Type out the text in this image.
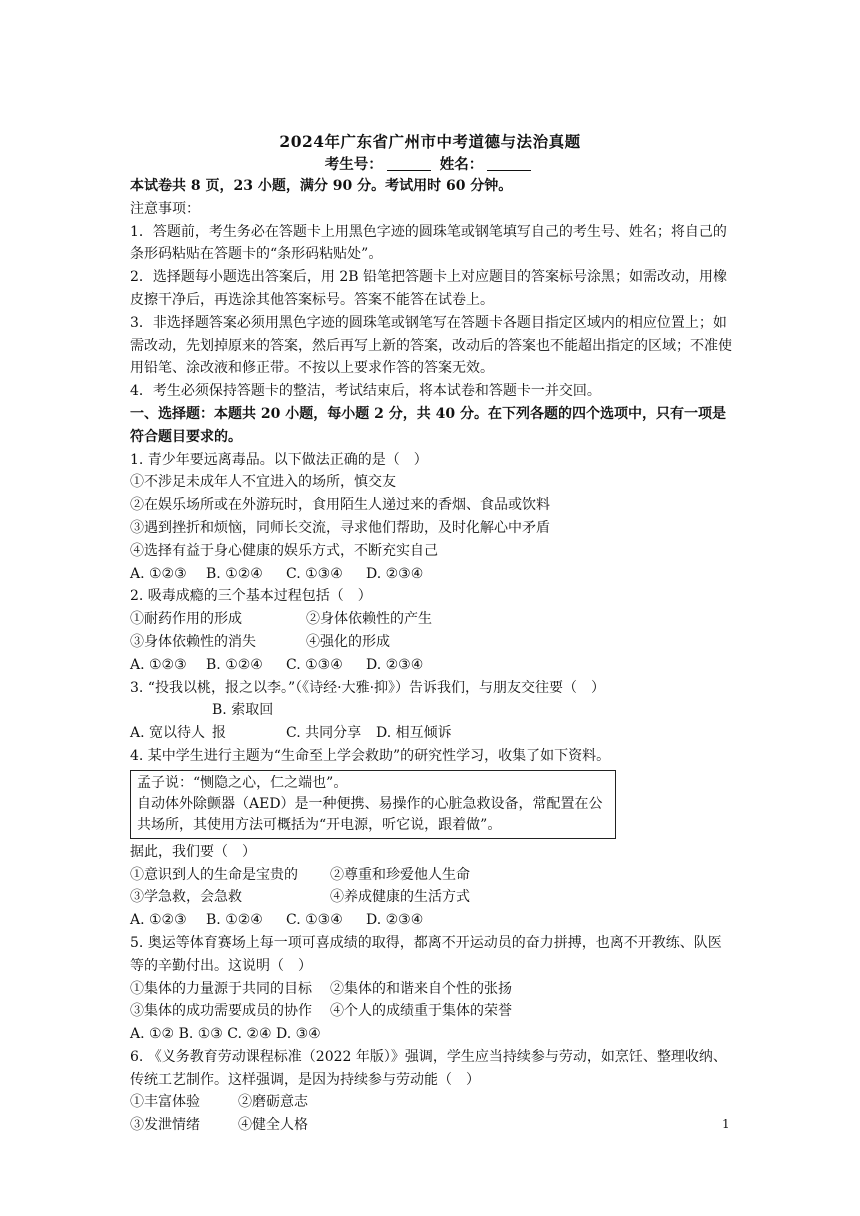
2024年广东省广州市中考道德与法治真题
考生号：	姓名：

本试卷共 8 页，23 小题，满分 90 分。考试用时 60 分钟。

注意事项：

1．答题前，考生务必在答题卡上用黑色字迹的圆珠笔或钢笔填写自己的考生号、姓名；将自己的条形码粘贴在答题卡的“条形码粘贴处”。

2．选择题每小题选出答案后，用 2B 铅笔把答题卡上对应题目的答案标号涂黑；如需改动，用橡皮擦干净后，再选涂其他答案标号。答案不能答在试卷上。

3．非选择题答案必须用黑色字迹的圆珠笔或钢笔写在答题卡各题目指定区域内的相应位置上；如需改动，先划掉原来的答案，然后再写上新的答案，改动后的答案也不能超出指定的区域；不准使用铅笔、涂改液和修正带。不按以上要求作答的答案无效。

4．考生必须保持答题卡的整洁，考试结束后，将本试卷和答题卡一并交回。

一、选择题：本题共 20 小题，每小题 2 分，共 40 分。在下列各题的四个选项中，只有一项是符合题目要求的。

1. 青少年要远离毒品。以下做法正确的是（　）

①不涉足未成年人不宜进入的场所，慎交友

②在娱乐场所或在外游玩时，食用陌生人递过来的香烟、食品或饮料

③遇到挫折和烦恼，同师长交流，寻求他们帮助，及时化解心中矛盾

④选择有益于身心健康的娱乐方式，不断充实自己

A. ①②③ B. ①②④ C. ①③④ D. ②③④

2. 吸毒成瘾的三个基本过程包括（　）

①耐药作用的形成	②身体依赖性的产生
③身体依赖性的消失	④强化的形成

A. ①②③ B. ①②④ C. ①③④ D. ②③④

3. “投我以桃，报之以李。”（《诗经·大雅·抑》）告诉我们，与朋友交往要（　）

A. 宽以待人B. 索取回报	C. 共同分享 D. 相互倾诉

4. 某中学生进行主题为“生命至上学会救助”的研究性学习，收集了如下资料。

孟子说：“恻隐之心，仁之端也”。
自动体外除颤器（AED）是一种便携、易操作的心脏急救设备，常配置在公共场所，其使用方法可概括为“开电源，听它说，跟着做”。

据此，我们要（　）

①意识到人的生命是宝贵的	②尊重和珍爱他人生命
③学急救，会急救	④养成健康的生活方式

A. ①②③ B. ①②④ C. ①③④ D. ②③④

5. 奥运等体育赛场上每一项可喜成绩的取得，都离不开运动员的奋力拼搏，也离不开教练、队医等的辛勤付出。这说明（　）

①集体的力量源于共同的目标	②集体的和谐来自个性的张扬
③集体的成功需要成员的协作	④个人的成绩重于集体的荣誉

A. ①② B. ①③ C. ②④ D. ③④

6. 《义务教育劳动课程标准（2022 年版）》强调，学生应当持续参与劳动，如烹饪、整理收纳、传统工艺制作。这样强调，是因为持续参与劳动能（　）

①丰富体验	②磨砺意志
③发泄情绪	④健全人格	1
